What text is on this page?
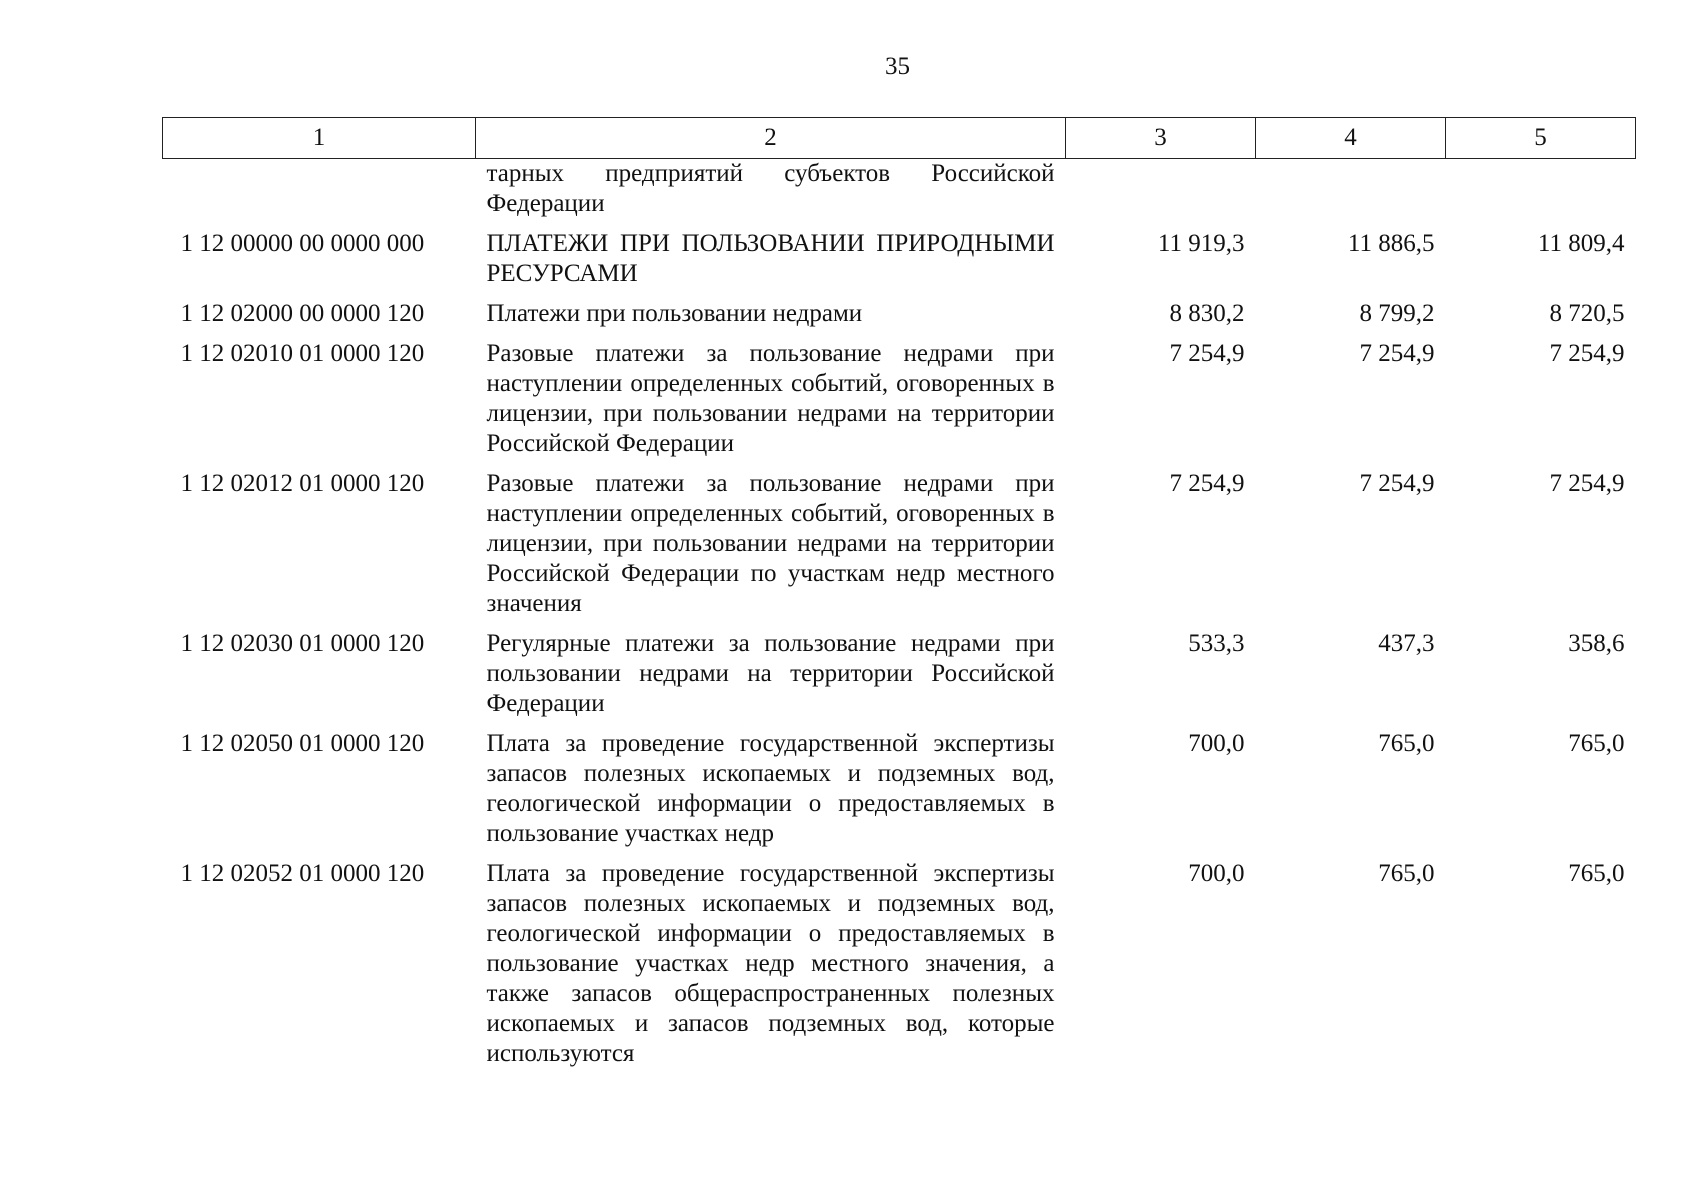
35
1	2	3	4	5
	тарных предприятий субъектов Российской Федерации			
1 12 00000 00 0000 000	ПЛАТЕЖИ ПРИ ПОЛЬЗОВАНИИ ПРИРОДНЫМИ РЕСУРСАМИ	11 919,3	11 886,5	11 809,4
1 12 02000 00 0000 120	Платежи при пользовании недрами	8 830,2	8 799,2	8 720,5
1 12 02010 01 0000 120	Разовые платежи за пользование недрами при наступлении определенных событий, оговоренных в лицензии, при пользовании недрами на территории Российской Федерации	7 254,9	7 254,9	7 254,9
1 12 02012 01 0000 120	Разовые платежи за пользование недрами при наступлении определенных событий, оговоренных в лицензии, при пользовании недрами на территории Российской Федерации по участкам недр местного значения	7 254,9	7 254,9	7 254,9
1 12 02030 01 0000 120	Регулярные платежи за пользование недрами при пользовании недрами на территории Российской Федерации	533,3	437,3	358,6
1 12 02050 01 0000 120	Плата за проведение государственной экспертизы запасов полезных ископаемых и подземных вод, геологической информации о предоставляемых в пользование участках недр	700,0	765,0	765,0
1 12 02052 01 0000 120	Плата за проведение государственной экспертизы запасов полезных ископаемых и подземных вод, геологической информации о предоставляемых в пользование участках недр местного значения, а также запасов общераспространенных полезных ископаемых и запасов подземных вод, которые используются	700,0	765,0	765,0
